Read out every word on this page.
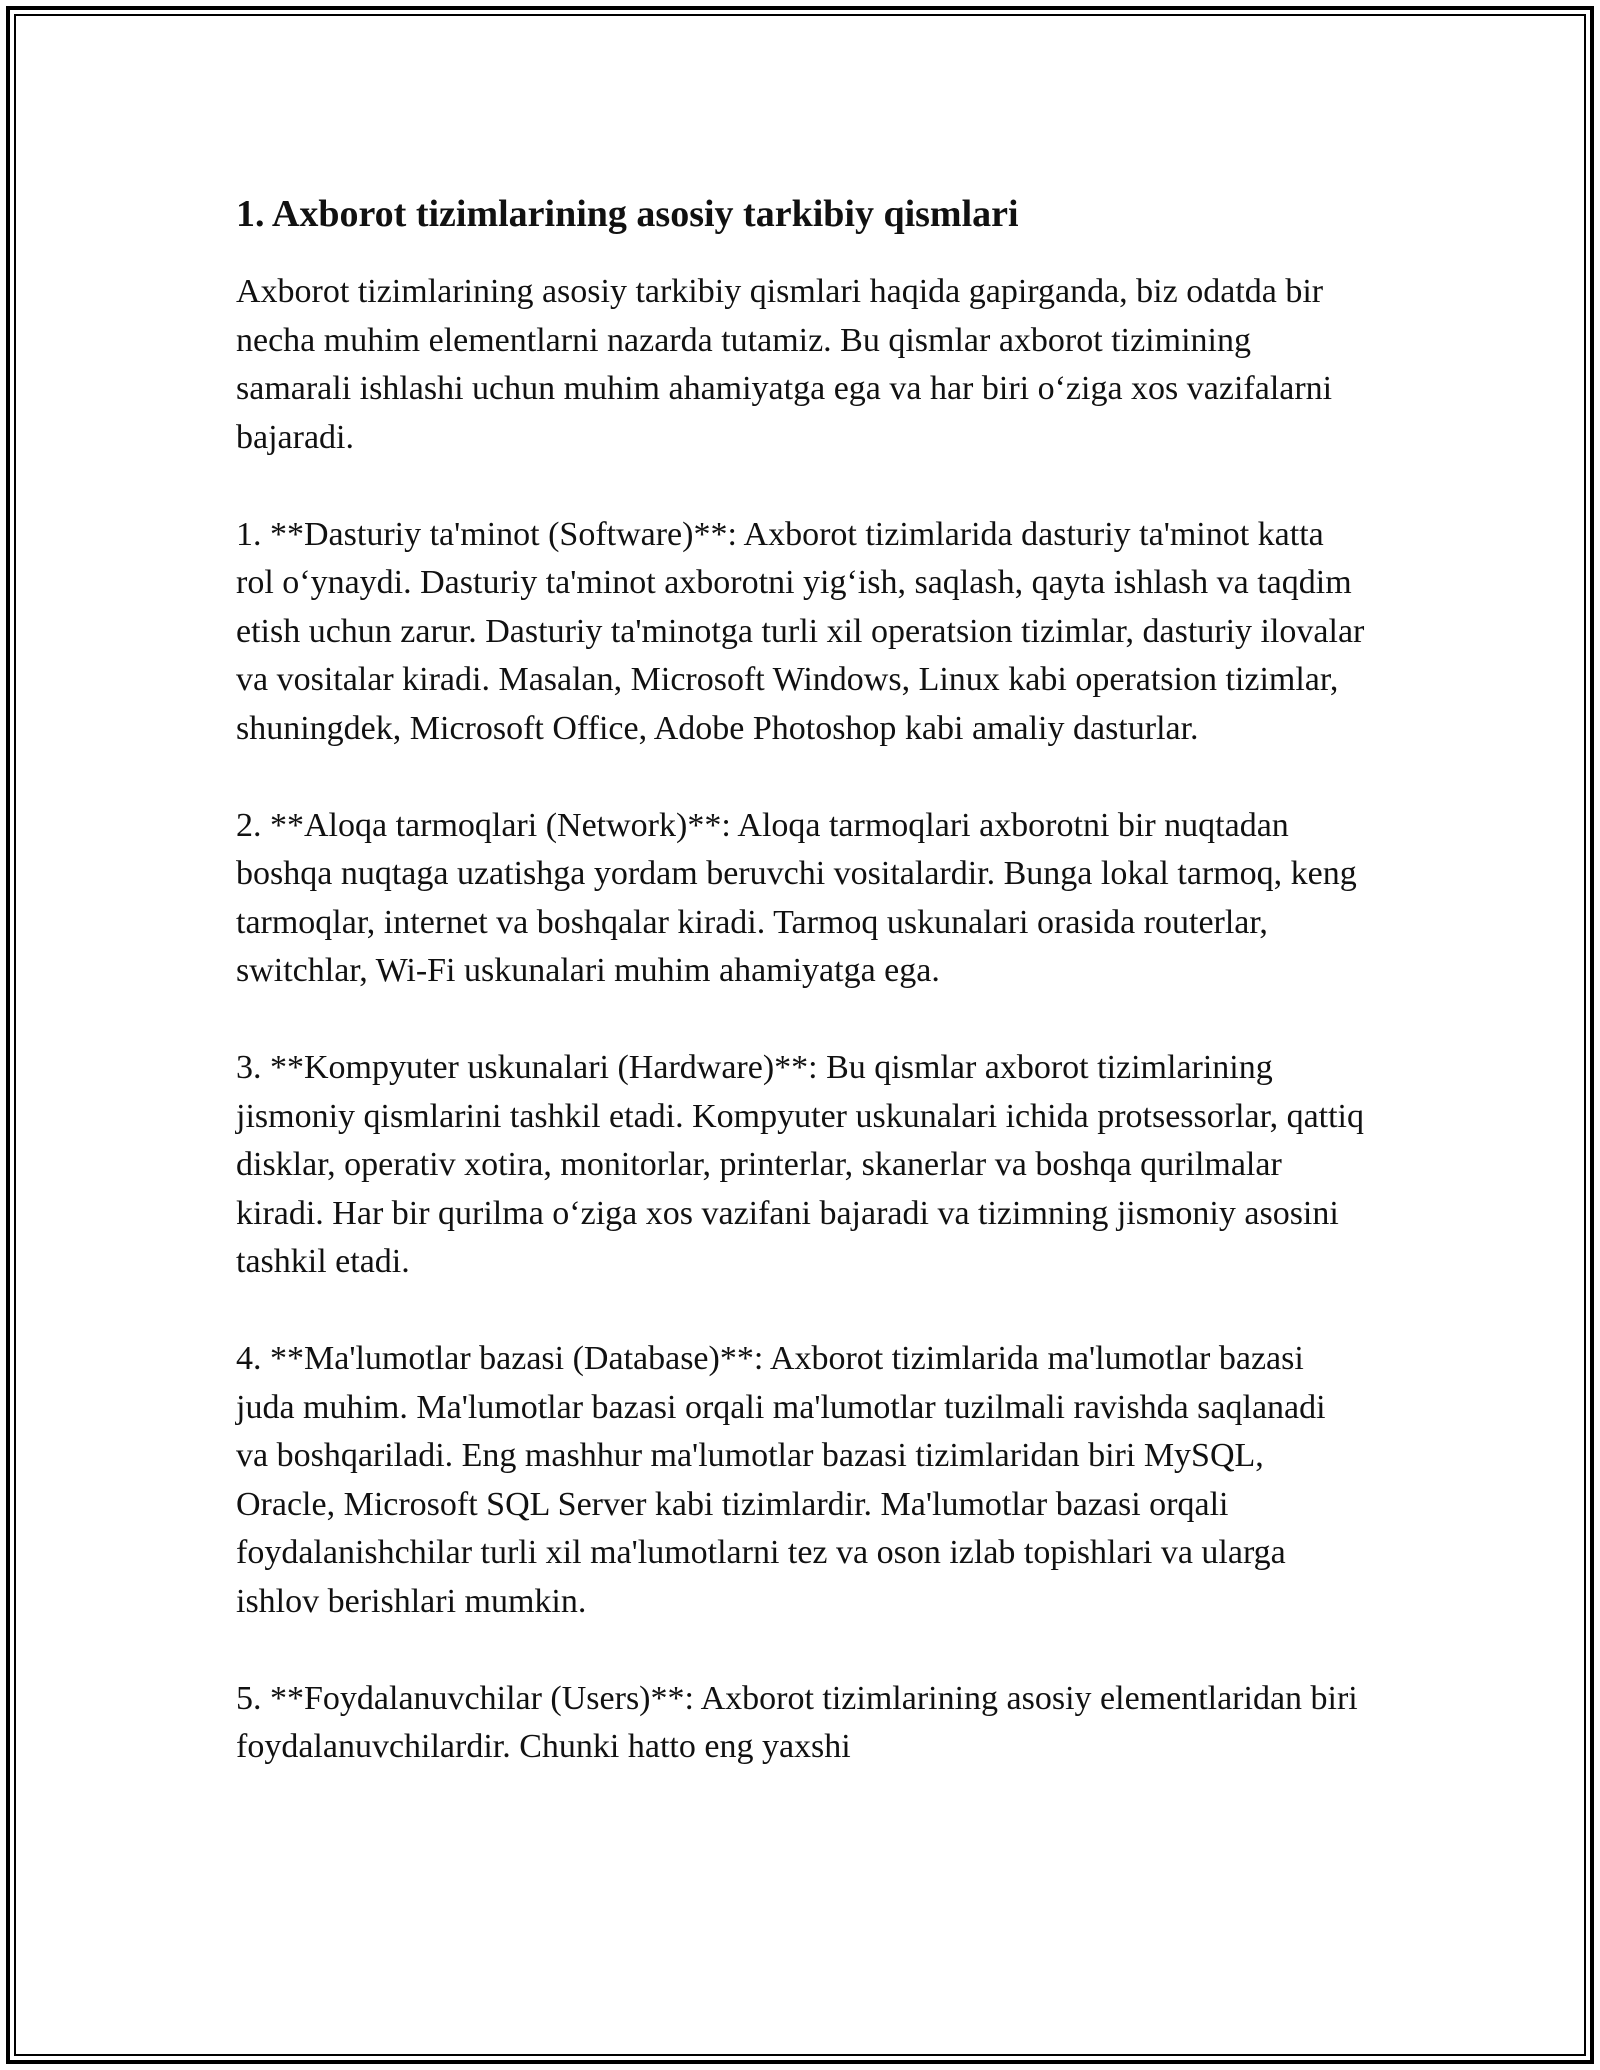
1. Axborot tizimlarining asosiy tarkibiy qismlari

Axborot tizimlarining asosiy tarkibiy qismlari haqida gapirganda, biz odatda bir necha muhim elementlarni nazarda tutamiz. Bu qismlar axborot tizimining samarali ishlashi uchun muhim ahamiyatga ega va har biri o‘ziga xos vazifalarni bajaradi.

1. **Dasturiy ta'minot (Software)**: Axborot tizimlarida dasturiy ta'minot katta rol o‘ynaydi. Dasturiy ta'minot axborotni yig‘ish, saqlash, qayta ishlash va taqdim etish uchun zarur. Dasturiy ta'minotga turli xil operatsion tizimlar, dasturiy ilovalar va vositalar kiradi. Masalan, Microsoft Windows, Linux kabi operatsion tizimlar, shuningdek, Microsoft Office, Adobe Photoshop kabi amaliy dasturlar.

2. **Aloqa tarmoqlari (Network)**: Aloqa tarmoqlari axborotni bir nuqtadan boshqa nuqtaga uzatishga yordam beruvchi vositalardir. Bunga lokal tarmoq, keng tarmoqlar, internet va boshqalar kiradi. Tarmoq uskunalari orasida routerlar, switchlar, Wi-Fi uskunalari muhim ahamiyatga ega.

3. **Kompyuter uskunalari (Hardware)**: Bu qismlar axborot tizimlarining jismoniy qismlarini tashkil etadi. Kompyuter uskunalari ichida protsessorlar, qattiq disklar, operativ xotira, monitorlar, printerlar, skanerlar va boshqa qurilmalar kiradi. Har bir qurilma o‘ziga xos vazifani bajaradi va tizimning jismoniy asosini tashkil etadi.

4. **Ma'lumotlar bazasi (Database)**: Axborot tizimlarida ma'lumotlar bazasi juda muhim. Ma'lumotlar bazasi orqali ma'lumotlar tuzilmali ravishda saqlanadi va boshqariladi. Eng mashhur ma'lumotlar bazasi tizimlaridan biri MySQL, Oracle, Microsoft SQL Server kabi tizimlardir. Ma'lumotlar bazasi orqali foydalanishchilar turli xil ma'lumotlarni tez va oson izlab topishlari va ularga ishlov berishlari mumkin.

5. **Foydalanuvchilar (Users)**: Axborot tizimlarining asosiy elementlaridan biri foydalanuvchilardir. Chunki hatto eng yaxshi
